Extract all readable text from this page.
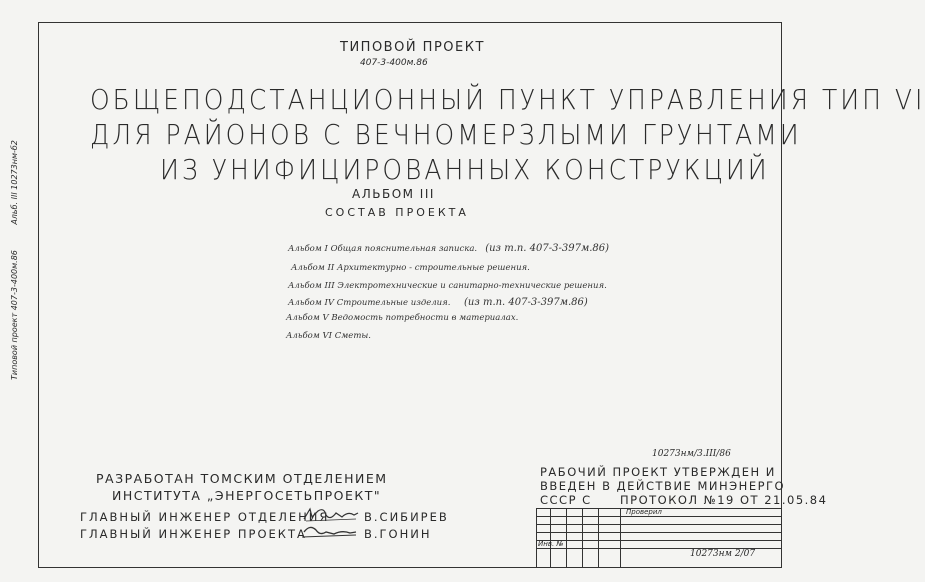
Типовой проект 407-3-400м.86          Альб. III 10273нм-б2
ТИПОВОЙ ПРОЕКТ
407-3-400м.86
ОБЩЕПОДСТАНЦИОННЫЙ ПУНКТ УПРАВЛЕНИЯ ТИП VI
ДЛЯ РАЙОНОВ С ВЕЧНОМЕРЗЛЫМИ ГРУНТАМИ
ИЗ УНИФИЦИРОВАННЫХ КОНСТРУКЦИЙ
АЛЬБОМ III
СОСТАВ ПРОЕКТА
Альбом I Общая пояснительная записка. (из т.п. 407-3-397м.86)
Альбом II Архитектурно - строительные решения.
Альбом III Электротехнические и санитарно-технические решения.
Альбом IV Строительные изделия. (из т.п. 407-3-397м.86)
Альбом V Ведомость потребности в материалах.
Альбом VI Сметы.
РАЗРАБОТАН ТОМСКИМ ОТДЕЛЕНИЕМ
ИНСТИТУТА „ЭНЕРГОСЕТЬПРОЕКТ"
ГЛАВНЫЙ ИНЖЕНЕР ОТДЕЛЕНИЯ	В.СИБИРЕВ
ГЛАВНЫЙ ИНЖЕНЕР ПРОЕКТА	В.ГОНИН
10273нм/3.III/86
РАБОЧИЙ ПРОЕКТ УТВЕРЖДЕН И
ВВЕДЕН В ДЕЙСТВИЕ МИНЭНЕРГО
СССР С ПРОТОКОЛ №19 ОТ 21.05.84
Проверил
Инв. №
10273нм 2/07
